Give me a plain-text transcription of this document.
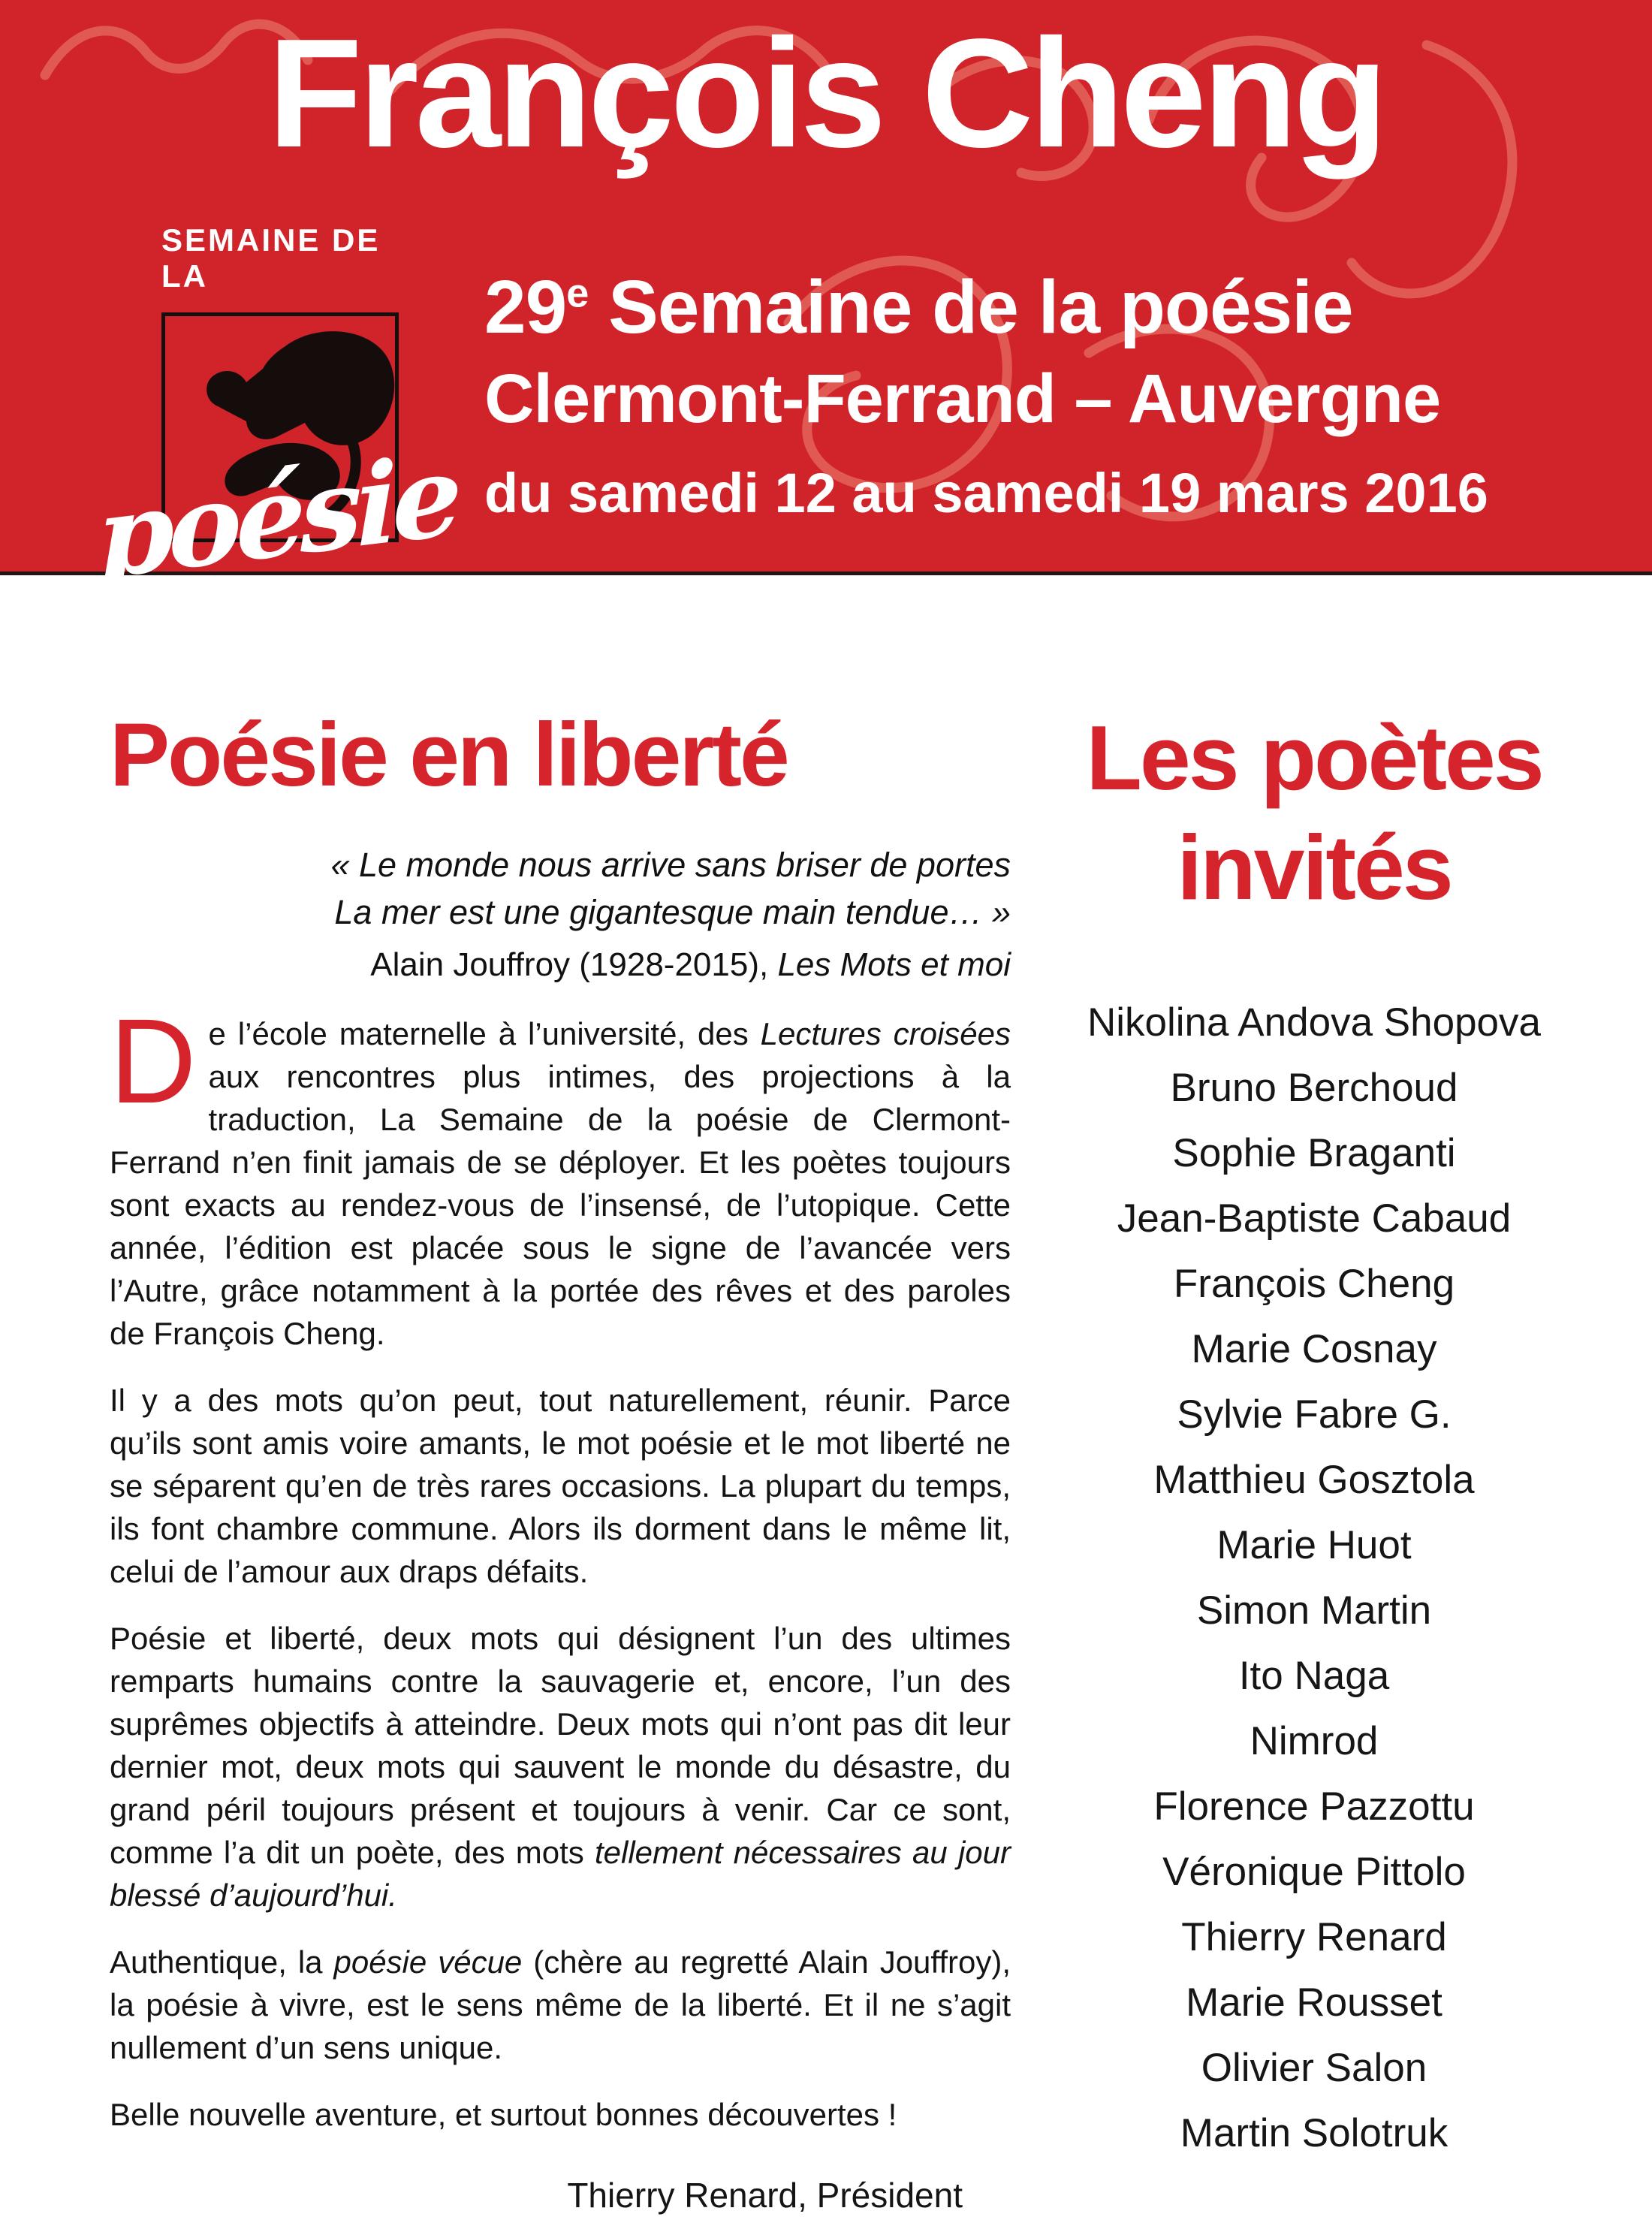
François Cheng
SEMAINE DE LA
poésie
29e Semaine de la poésie
Clermont-Ferrand – Auvergne
du samedi 12 au samedi 19 mars 2016
Poésie en liberté
« Le monde nous arrive sans briser de portes
La mer est une gigantesque main tendue… »
Alain Jouffroy (1928-2015), Les Mots et moi

De l’école maternelle à l’université, des Lectures croisées aux rencontres plus intimes, des projections à la traduction, La Semaine de la poésie de Clermont-Ferrand n’en finit jamais de se déployer. Et les poètes toujours sont exacts au rendez-vous de l’insensé, de l’utopique. Cette année, l’édition est placée sous le signe de l’avancée vers l’Autre, grâce notamment à la portée des rêves et des paroles de François Cheng.

Il y a des mots qu’on peut, tout naturellement, réunir. Parce qu’ils sont amis voire amants, le mot poésie et le mot liberté ne se séparent qu’en de très rares occasions. La plupart du temps, ils font chambre commune. Alors ils dorment dans le même lit, celui de l’amour aux draps défaits.

Poésie et liberté, deux mots qui désignent l’un des ultimes remparts humains contre la sauvagerie et, encore, l’un des suprêmes objectifs à atteindre. Deux mots qui n’ont pas dit leur dernier mot, deux mots qui sauvent le monde du désastre, du grand péril toujours présent et toujours à venir. Car ce sont, comme l’a dit un poète, des mots tellement nécessaires au jour blessé d’aujourd’hui.

Authentique, la poésie vécue (chère au regretté Alain Jouffroy), la poésie à vivre, est le sens même de la liberté. Et il ne s’agit nullement d’un sens unique.

Belle nouvelle aventure, et surtout bonnes découvertes !

Thierry Renard, Président
Les poètes
invités
Nikolina Andova Shopova
Bruno Berchoud
Sophie Braganti
Jean-Baptiste Cabaud
François Cheng
Marie Cosnay
Sylvie Fabre G.
Matthieu Gosztola
Marie Huot
Simon Martin
Ito Naga
Nimrod
Florence Pazzottu
Véronique Pittolo
Thierry Renard
Marie Rousset
Olivier Salon
Martin Solotruk
